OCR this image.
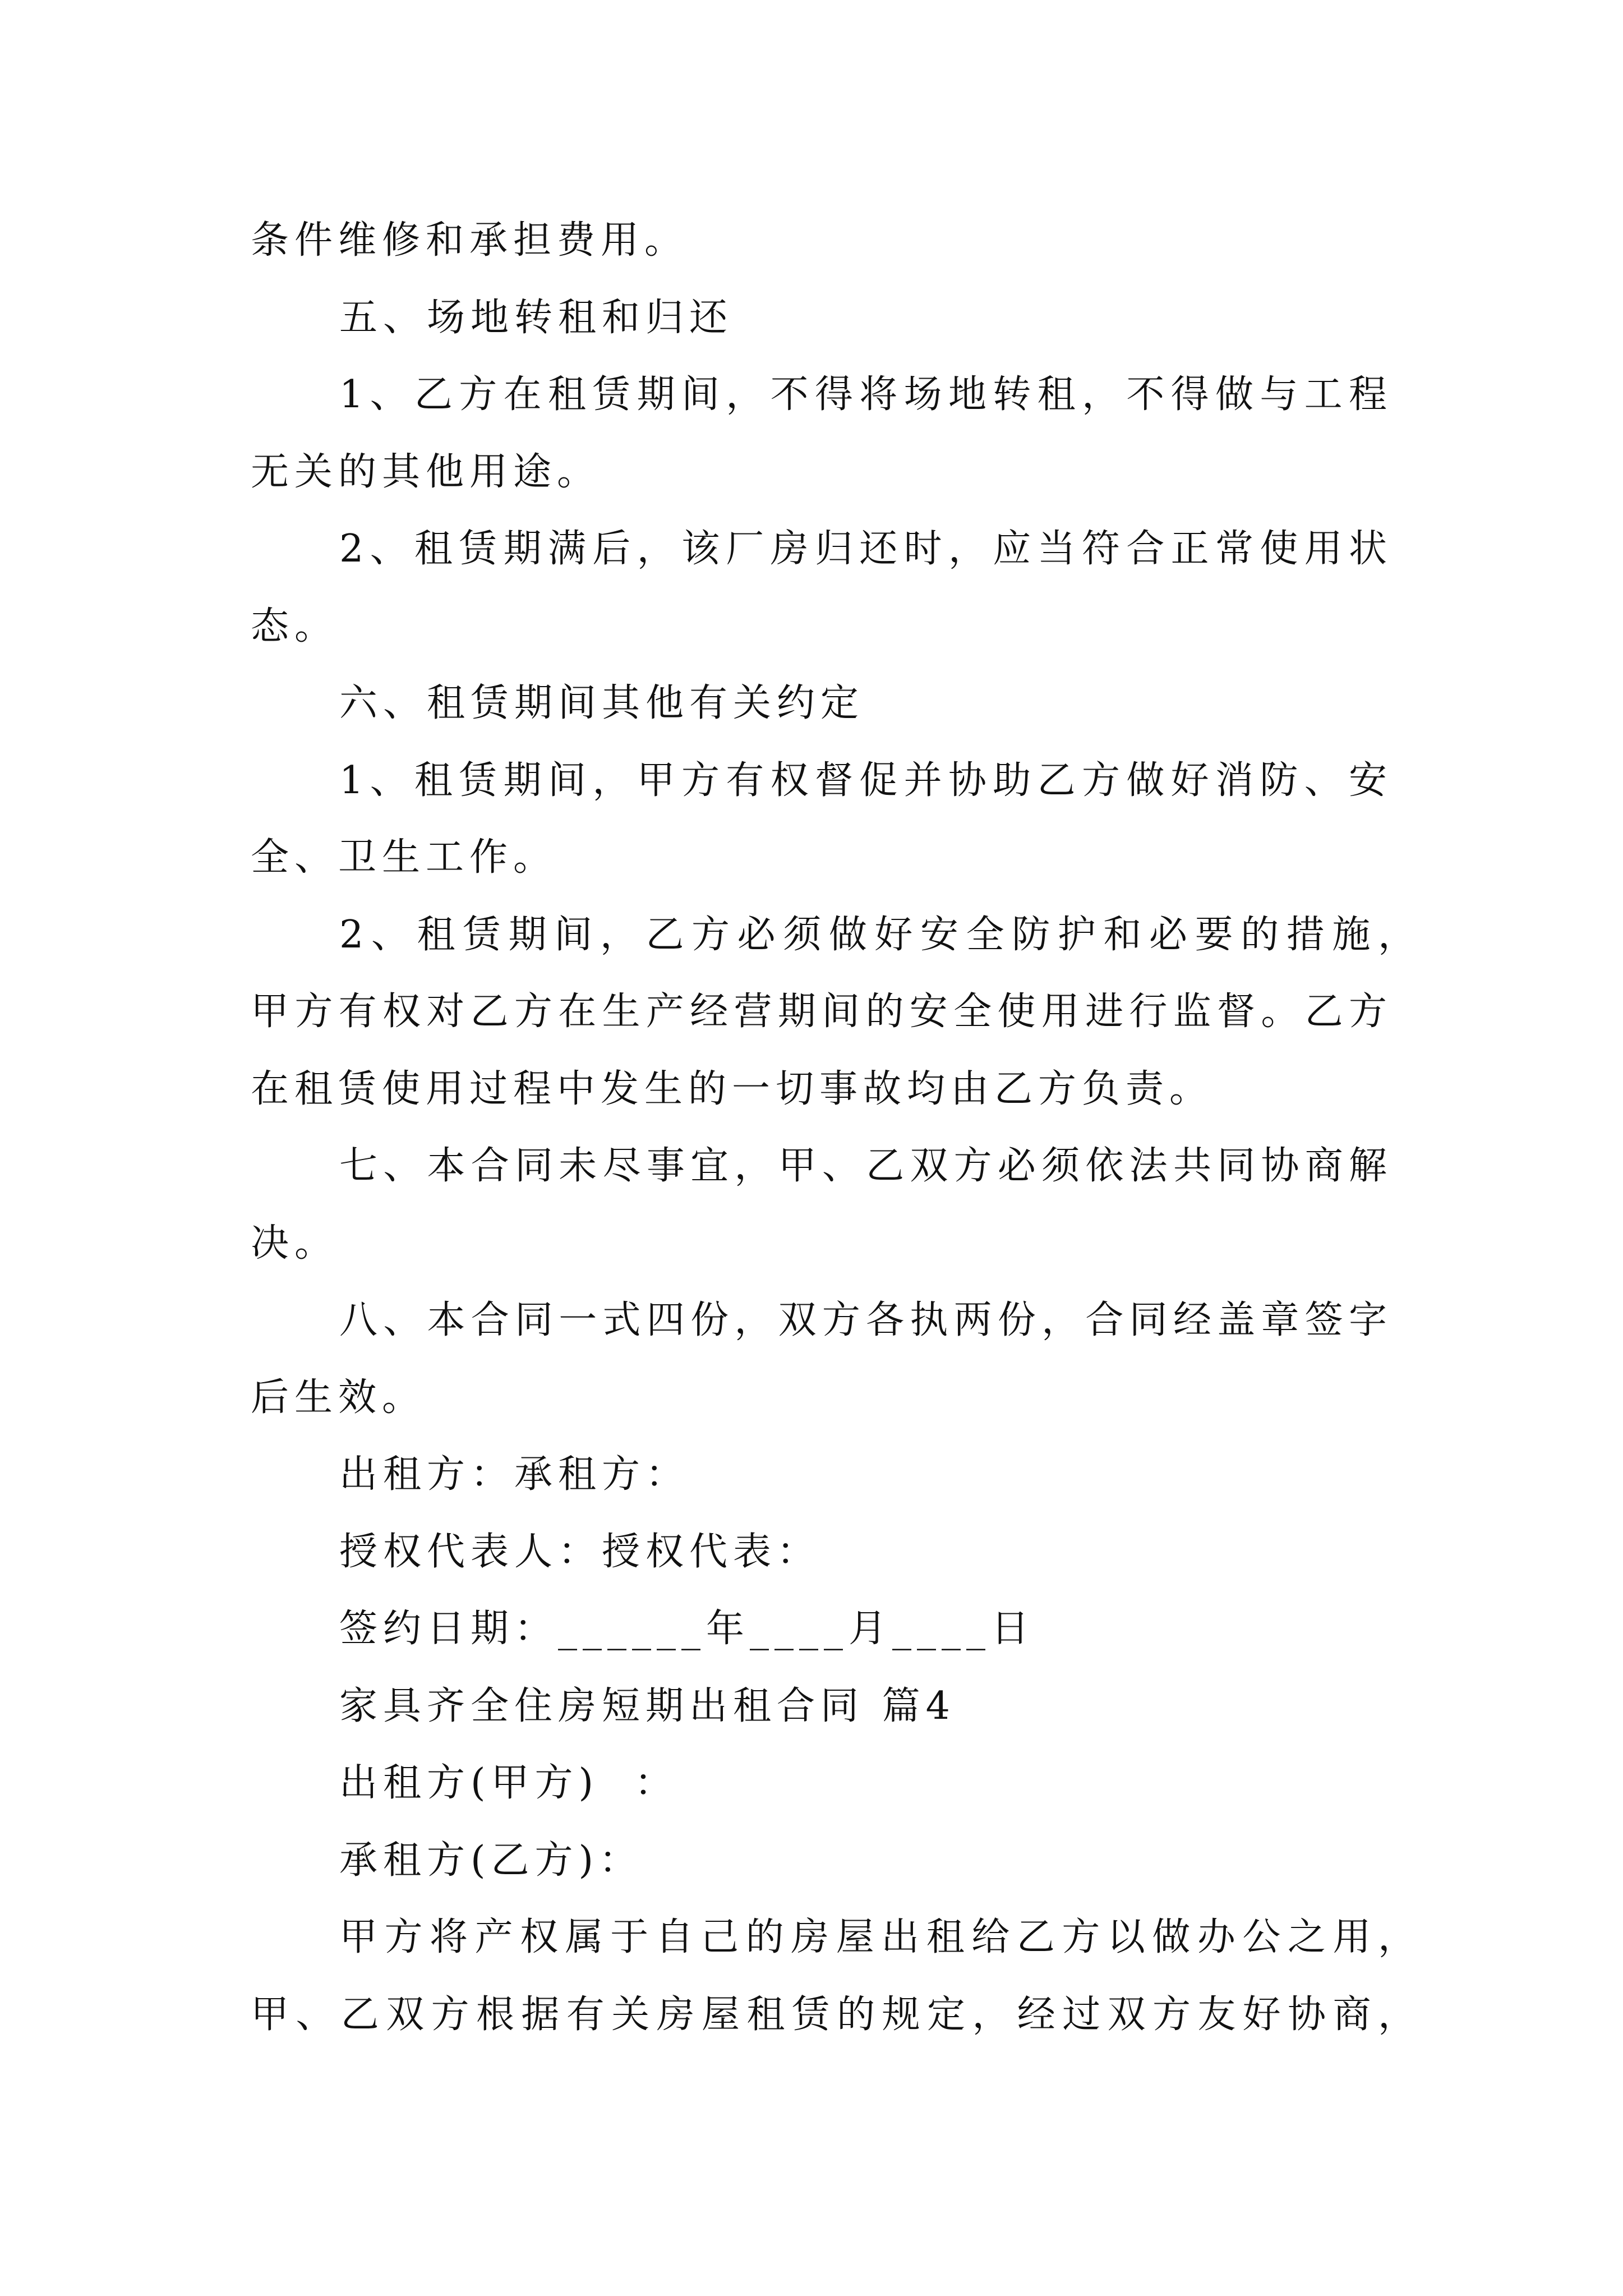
条件维修和承担费用。

五、场地转租和归还

1、乙方在租赁期间，不得将场地转租，不得做与工程

无关的其他用途。

2、租赁期满后，该厂房归还时，应当符合正常使用状

态。

六、租赁期间其他有关约定

1、租赁期间，甲方有权督促并协助乙方做好消防、安

全、卫生工作。

2、租赁期间，乙方必须做好安全防护和必要的措施，

甲方有权对乙方在生产经营期间的安全使用进行监督。乙方

在租赁使用过程中发生的一切事故均由乙方负责。

七、本合同未尽事宜，甲、乙双方必须依法共同协商解

决。

八、本合同一式四份，双方各执两份，合同经盖章签字

后生效。

出租方：承租方：

授权代表人：授权代表：

签约日期：______年____月____日

家具齐全住房短期出租合同 篇4

出租方(甲方)  ：

承租方(乙方)：

甲方将产权属于自己的房屋出租给乙方以做办公之用，

甲、乙双方根据有关房屋租赁的规定，经过双方友好协商，
